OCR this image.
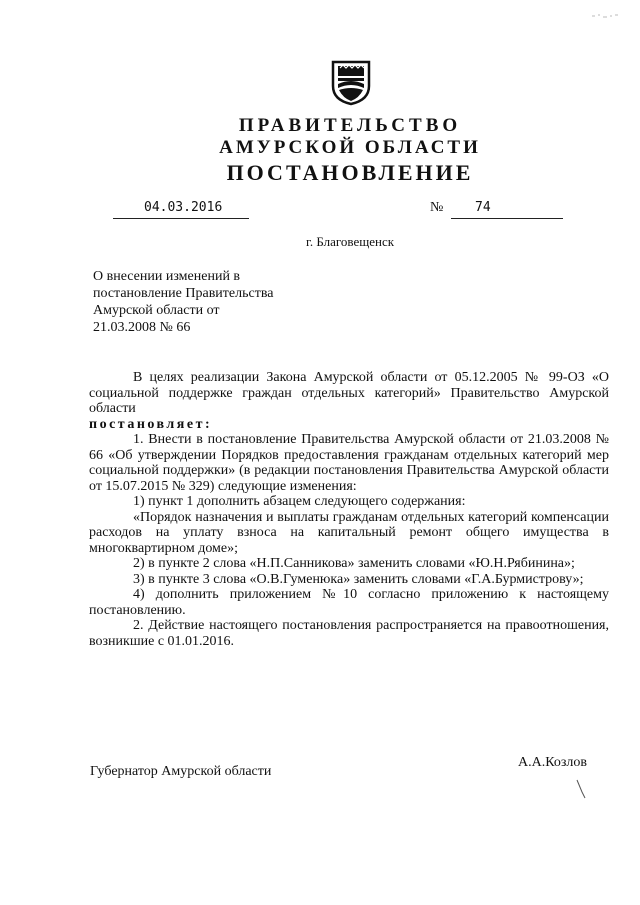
ПРАВИТЕЛЬСТВО
АМУРСКОЙ ОБЛАСТИ
ПОСТАНОВЛЕНИЕ
04.03.2016	№ 74
г. Благовещенск
О внесении изменений в
постановление Правительства
Амурской области от
21.03.2008 № 66

В целях реализации Закона Амурской области от 05.12.2005 № 99-ОЗ «О социальной поддержке граждан отдельных категорий» Правительство Амурской области

постановляет:

1. Внести в постановление Правительства Амурской области от 21.03.2008 № 66 «Об утверждении Порядков предоставления гражданам отдельных категорий мер социальной поддержки» (в редакции постановления Правительства Амурской области от 15.07.2015 № 329) следующие изменения:

1) пункт 1 дополнить абзацем следующего содержания:

«Порядок назначения и выплаты гражданам отдельных категорий компенсации расходов на уплату взноса на капитальный ремонт общего имущества в многоквартирном доме»;

2) в пункте 2 слова «Н.П.Санникова» заменить словами «Ю.Н.Рябинина»;

3) в пункте 3 слова «О.В.Гуменюка» заменить словами «Г.А.Бурмистрову»;

4) дополнить приложением №10 согласно приложению к настоящему постановлению.

2. Действие настоящего постановления распространяется на правоотношения, возникшие с 01.01.2016.

Губернатор Амурской области
А.А.Козлов
